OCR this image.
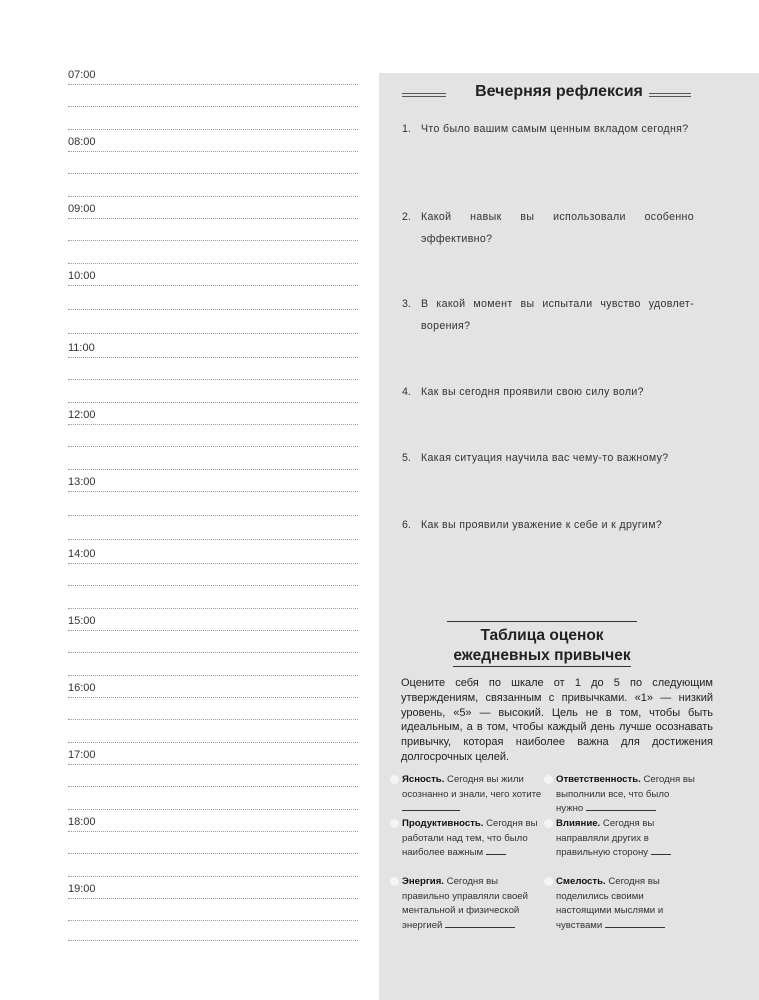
07:00
08:00
09:00
10:00
11:00
12:00
13:00
14:00
15:00
16:00
17:00
18:00
19:00
Вечерняя рефлексия
1. Что было вашим самым ценным вкладом сегодня?
2. Какой навык вы использовали особенно эффективно?
3. В какой момент вы испытали чувство удовлет-ворения?
4. Как вы сегодня проявили свою силу воли?
5. Какая ситуация научила вас чему-то важному?
6. Как вы проявили уважение к себе и к другим?
Таблица оценок
ежедневных привычек

Оцените себя по шкале от 1 до 5 по следующим утверждениям, связанным с привычками. «1» — низкий уровень, «5» — высокий. Цель не в том, чтобы быть идеальным, а в том, чтобы каждый день лучше осознавать привычку, которая наиболее важна для достижения долгосрочных целей.

Ясность. Сегодня вы жили осознанно и знали, чего хотите
Ответственность. Сегодня вы выполнили все, что было нужно
Продуктивность. Сегодня вы работали над тем, что было наиболее важным
Влияние. Сегодня вы направляли других в правильную сторону
Энергия. Сегодня вы правильно управляли своей ментальной и физической энергией
Смелость. Сегодня вы поделились своими настоящими мыслями и чувствами
